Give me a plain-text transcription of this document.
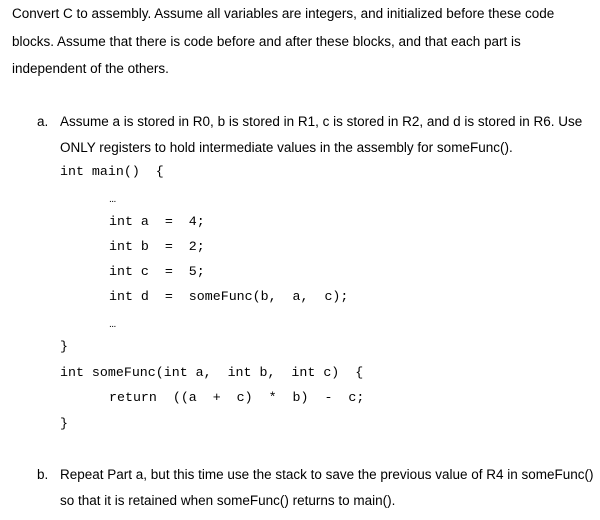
Convert C to assembly. Assume all variables are integers, and initialized before these code
blocks. Assume that there is code before and after these blocks, and that each part is
independent of the others.
a. Assume a is stored in R0, b is stored in R1, c is stored in R2, and d is stored in R6. Use
ONLY registers to hold intermediate values in the assembly for someFunc().
int main()  {
...
int a  =  4;
int b  =  2;
int c  =  5;
int d  =  someFunc(b,  a,  c);
...
}
int someFunc(int a,  int b,  int c)  {
return  ((a  +  c)  *  b)  -  c;
}
b. Repeat Part a, but this time use the stack to save the previous value of R4 in someFunc()
so that it is retained when someFunc() returns to main().
